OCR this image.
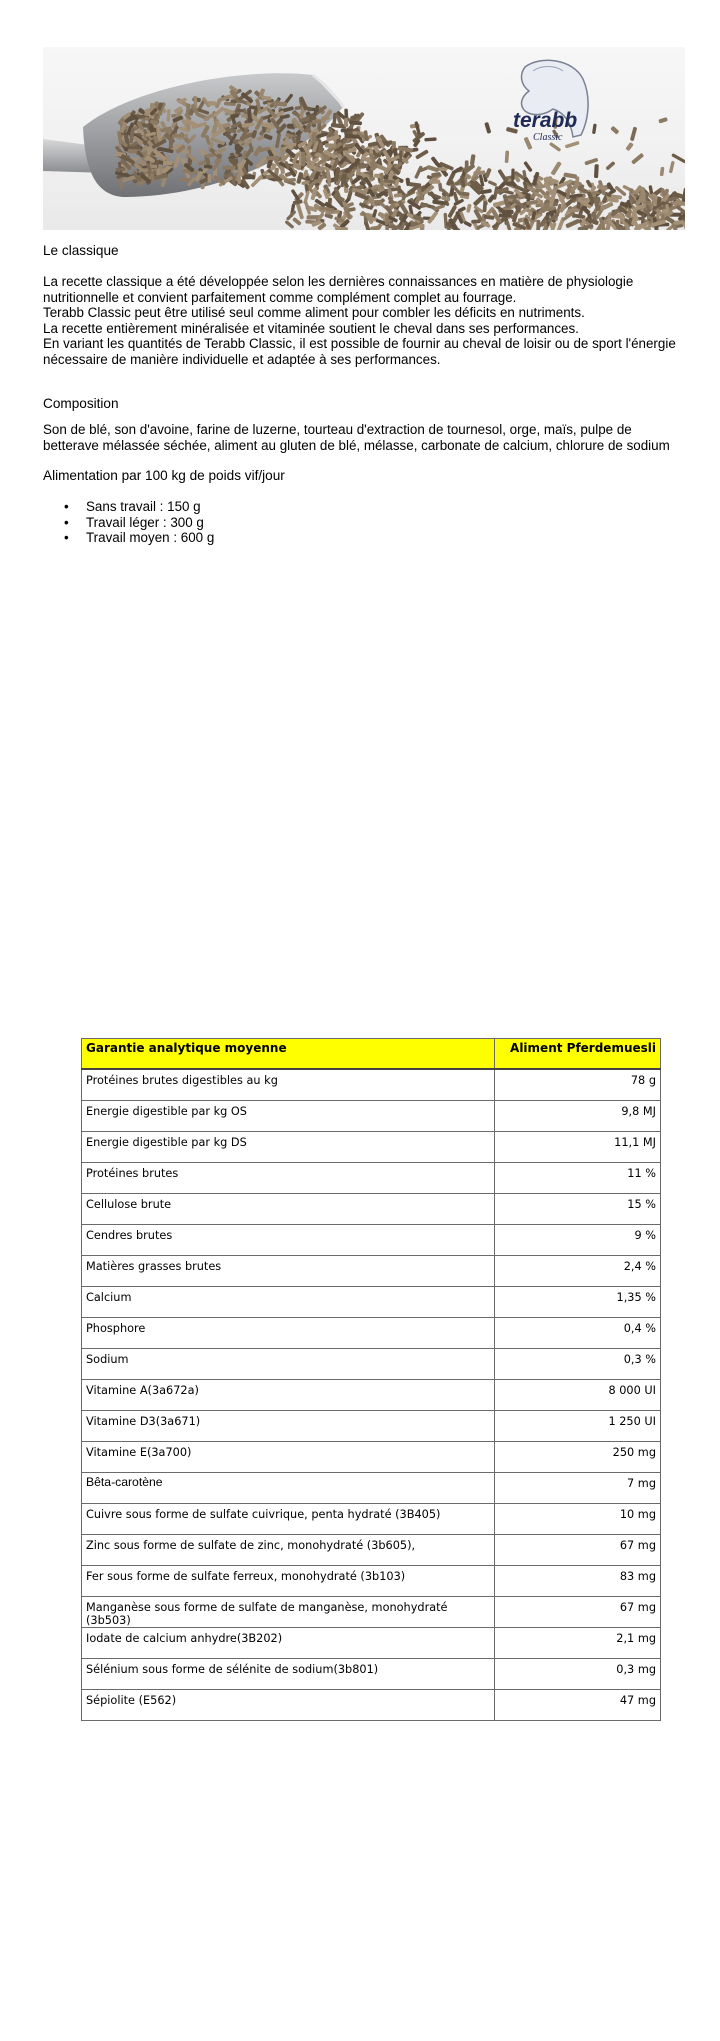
terabb
Classic
Le classique

La recette classique a été développée selon les dernières connaissances en matière de physiologie

nutritionnelle et convient parfaitement comme complément complet au fourrage.

Terabb Classic peut être utilisé seul comme aliment pour combler les déficits en nutriments.

La recette entièrement minéralisée et vitaminée soutient le cheval dans ses performances.

En variant les quantités de Terabb Classic, il est possible de fournir au cheval de loisir ou de sport l'énergie

nécessaire de manière individuelle et adaptée à ses performances.

Composition

Son de blé, son d'avoine, farine de luzerne, tourteau d'extraction de tournesol, orge, maïs, pulpe de

betterave mélassée séchée, aliment au gluten de blé, mélasse, carbonate de calcium, chlorure de sodium

Alimentation par 100 kg de poids vif/jour
• Sans travail : 150 g
• Travail léger : 300 g
• Travail moyen : 600 g
Garantie analytique moyenne	Aliment Pferdemuesli
Protéines brutes digestibles au kg	78 g
Energie digestible par kg OS	9,8 MJ
Energie digestible par kg DS	11,1 MJ
Protéines brutes	11 %
Cellulose brute	15 %
Cendres brutes	9 %
Matières grasses brutes	2,4 %
Calcium	1,35 %
Phosphore	0,4 %
Sodium	0,3 %
Vitamine A(3a672a)	8 000 UI
Vitamine D3(3a671)	1 250 UI
Vitamine E(3a700)	250 mg
Bêta-carotène	7 mg
Cuivre sous forme de sulfate cuivrique, penta hydraté (3B405)	10 mg
Zinc sous forme de sulfate de zinc, monohydraté (3b605),	67 mg
Fer sous forme de sulfate ferreux, monohydraté (3b103)	83 mg
Manganèse sous forme de sulfate de manganèse, monohydraté (3b503)	67 mg
Iodate de calcium anhydre(3B202)	2,1 mg
Sélénium sous forme de sélénite de sodium(3b801)	0,3 mg
Sépiolite (E562)	47 mg
